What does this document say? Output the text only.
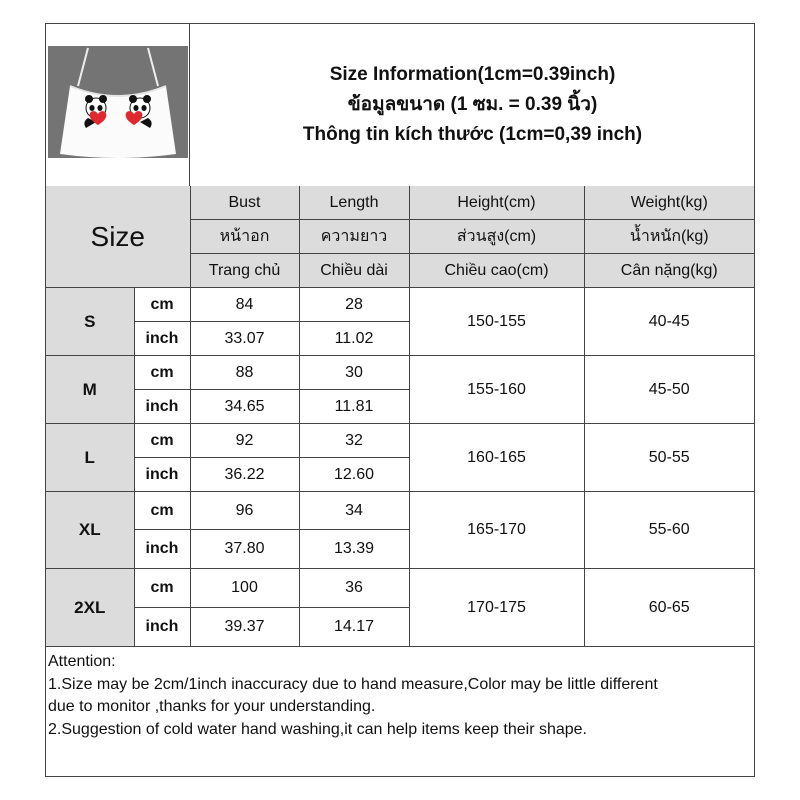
Size Information(1cm=0.39inch)
ข้อมูลขนาด (1 ซม. = 0.39 นิ้ว)
Thông tin kích thước (1cm=0,39 inch)
Size		Bust	Length	Height(cm)	Weight(kg)
		หน้าอก	ความยาว	ส่วนสูง(cm)	น้ำหนัก(kg)
		Trang chủ	Chiều dài	Chiều cao(cm)	Cân nặng(kg)
S	cm	84	28	150-155	40-45
	inch	33.07	11.02		
M	cm	88	30	155-160	45-50
	inch	34.65	11.81		
L	cm	92	32	160-165	50-55
	inch	36.22	12.60		
XL	cm	96	34	165-170	55-60
	inch	37.80	13.39		
2XL	cm	100	36	170-175	60-65
	inch	39.37	14.17		
Attention:
1.Size may be 2cm/1inch inaccuracy due to hand measure,Color may be little different
due to monitor ,thanks for your understanding.
2.Suggestion of cold water hand washing,it can help items keep their shape.
